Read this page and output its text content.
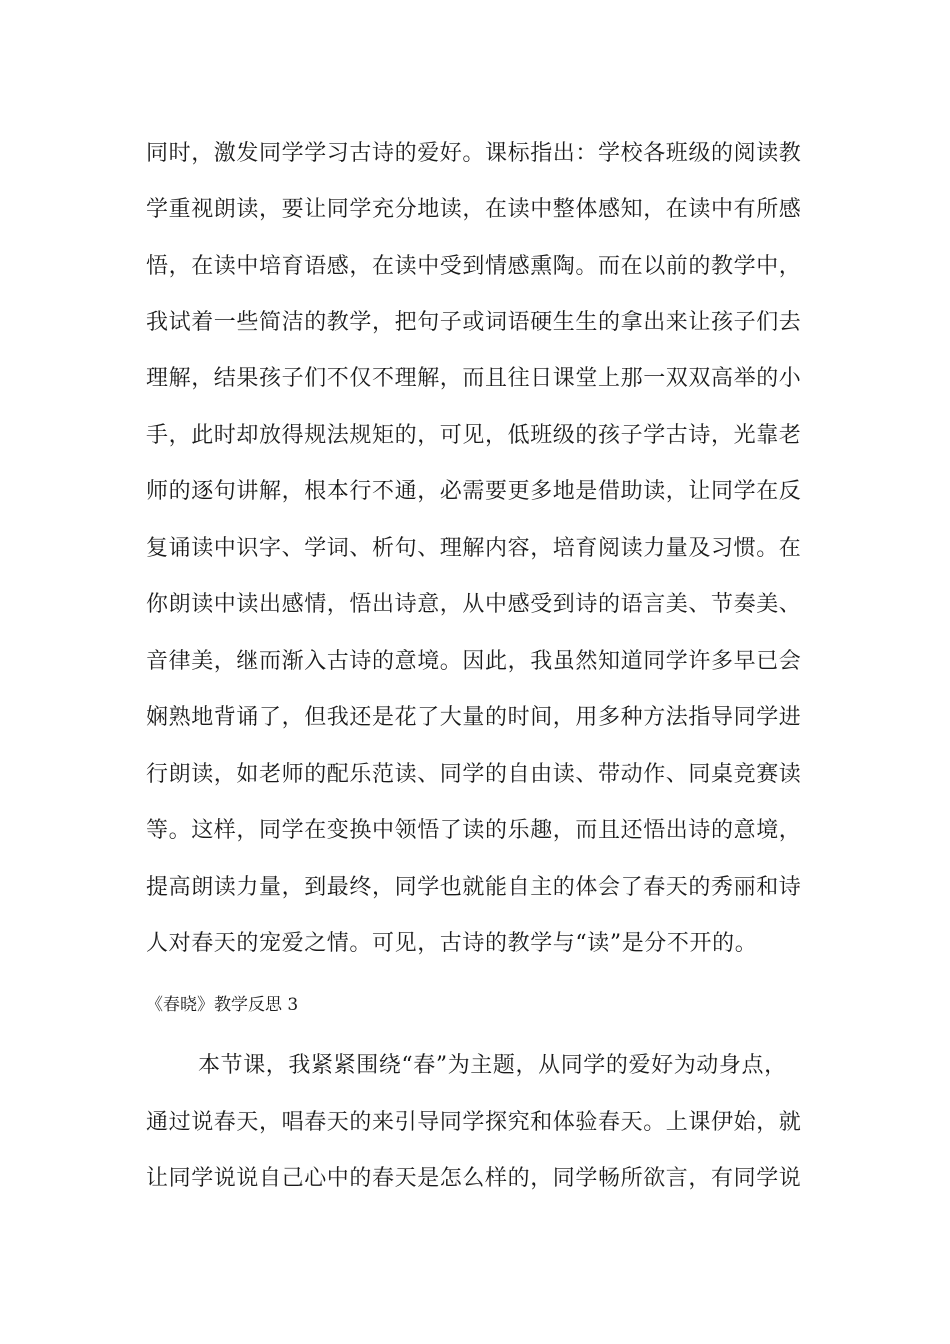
同时，激发同学学习古诗的爱好。课标指出：学校各班级的阅读教
学重视朗读，要让同学充分地读，在读中整体感知，在读中有所感
悟，在读中培育语感，在读中受到情感熏陶。而在以前的教学中，
我试着一些简洁的教学，把句子或词语硬生生的拿出来让孩子们去
理解，结果孩子们不仅不理解，而且往日课堂上那一双双高举的小
手，此时却放得规法规矩的，可见，低班级的孩子学古诗，光靠老
师的逐句讲解，根本行不通，必需要更多地是借助读，让同学在反
复诵读中识字、学词、析句、理解内容，培育阅读力量及习惯。在
你朗读中读出感情，悟出诗意，从中感受到诗的语言美、节奏美、
音律美，继而渐入古诗的意境。因此，我虽然知道同学许多早已会
娴熟地背诵了，但我还是花了大量的时间，用多种方法指导同学进
行朗读，如老师的配乐范读、同学的自由读、带动作、同桌竞赛读
等。这样，同学在变换中领悟了读的乐趣，而且还悟出诗的意境，
提高朗读力量，到最终，同学也就能自主的体会了春天的秀丽和诗
人对春天的宠爱之情。可见，古诗的教学与“读”是分不开的。
《春晓》教学反思 3
本节课，我紧紧围绕“春”为主题，从同学的爱好为动身点，
通过说春天，唱春天的来引导同学探究和体验春天。上课伊始，就
让同学说说自己心中的春天是怎么样的，同学畅所欲言，有同学说
